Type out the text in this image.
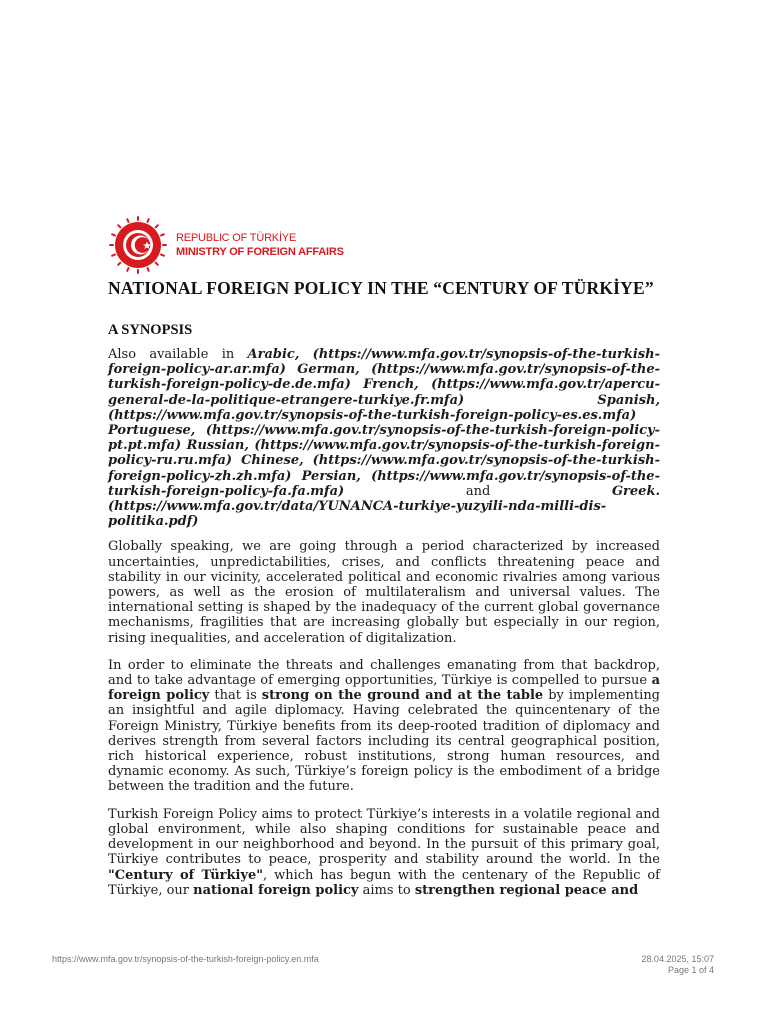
REPUBLIC OF TÜRKİYE
MINISTRY OF FOREIGN AFFAIRS
NATIONAL FOREIGN POLICY IN THE “CENTURY OF TÜRKİYE”
A SYNOPSIS

Also available in Arabic, (https://www.mfa.gov.tr/synopsis-of-the-turkish-foreign-policy-ar.ar.mfa) German, (https://www.mfa.gov.tr/synopsis-of-the-turkish-foreign-policy-de.de.mfa) French, (https://www.mfa.gov.tr/apercu-general-de-la-politique-etrangere-turkiye.fr.mfa)	Spanish, (https://www.mfa.gov.tr/synopsis-of-the-turkish-foreign-policy-es.es.mfa) Portuguese, (https://www.mfa.gov.tr/synopsis-of-the-turkish-foreign-policy-pt.pt.mfa) Russian, (https://www.mfa.gov.tr/synopsis-of-the-turkish-foreign-policy-ru.ru.mfa) Chinese, (https://www.mfa.gov.tr/synopsis-of-the-turkish-foreign-policy-zh.zh.mfa) Persian, (https://www.mfa.gov.tr/synopsis-of-the-turkish-foreign-policy-fa.fa.mfa)	and	Greek. (https://www.mfa.gov.tr/data/YUNANCA-turkiye-yuzyili-nda-milli-dis-politika.pdf)

Globally speaking, we are going through a period characterized by increased uncertainties, unpredictabilities, crises, and conflicts threatening peace and stability in our vicinity, accelerated political and economic rivalries among various powers, as well as the erosion of multilateralism and universal values. The international setting is shaped by the inadequacy of the current global governance mechanisms, fragilities that are increasing globally but especially in our region, rising inequalities, and acceleration of digitalization.

In order to eliminate the threats and challenges emanating from that backdrop, and to take advantage of emerging opportunities, Türkiye is compelled to pursue a foreign policy that is strong on the ground and at the table by implementing an insightful and agile diplomacy. Having celebrated the quincentenary of the Foreign Ministry, Türkiye benefits from its deep-rooted tradition of diplomacy and derives strength from several factors including its central geographical position, rich historical experience, robust institutions, strong human resources, and dynamic economy. As such, Türkiye’s foreign policy is the embodiment of a bridge between the tradition and the future.

Turkish Foreign Policy aims to protect Türkiye’s interests in a volatile regional and global environment, while also shaping conditions for sustainable peace and development in our neighborhood and beyond. In the pursuit of this primary goal, Türkiye contributes to peace, prosperity and stability around the world. In the "Century of Türkiye", which has begun with the centenary of the Republic of Türkiye, our national foreign policy aims to strengthen regional peace and

https://www.mfa.gov.tr/synopsis-of-the-turkish-foreign-policy.en.mfa	28.04.2025, 15:07
Page 1 of 4
